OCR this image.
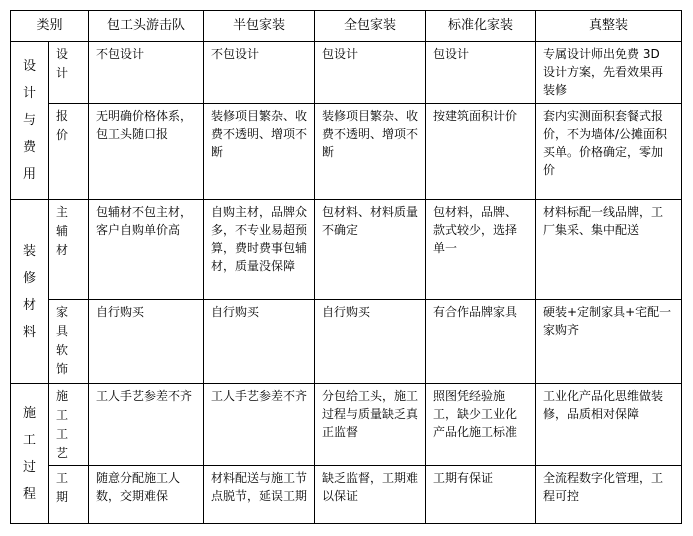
类别		包工头游击队	半包家装	全包家装	标准化家装	真整装
设计与费用	设计	不包设计	不包设计	包设计	包设计	专属设计师出免费 3D 设计方案，先看效果再装修

	报价	无明确价格体系，包工头随口报	装修项目繁杂、收费不透明、增项不断	装修项目繁杂、收费不透明、增项不断	按建筑面积计价	套内实测面积套餐式报价，不为墙体/公摊面积买单。价格确定，零加价
装修材料	主辅材	包辅材不包主材，客户自购单价高	自购主材，品牌众多，不专业易超预算，费时费事包辅材，质量没保障	包材料、材料质量不确定	包材料，品牌、款式较少，选择单一	材料标配一线品牌，工厂集采、集中配送

	家具软饰	自行购买	自行购买	自行购买	有合作品牌家具	硬装+定制家具+宅配一家购齐
施工过程	施工工艺	工人手艺参差不齐	工人手艺参差不齐	分包给工头，施工过程与质量缺乏真正监督	照图凭经验施工，缺少工业化产品化施工标准	工业化产品化思维做装修，品质相对保障

	工期	随意分配施工人数，交期难保	材料配送与施工节点脱节，延误工期	缺乏监督，工期难以保证	工期有保证	全流程数字化管理，工程可控
